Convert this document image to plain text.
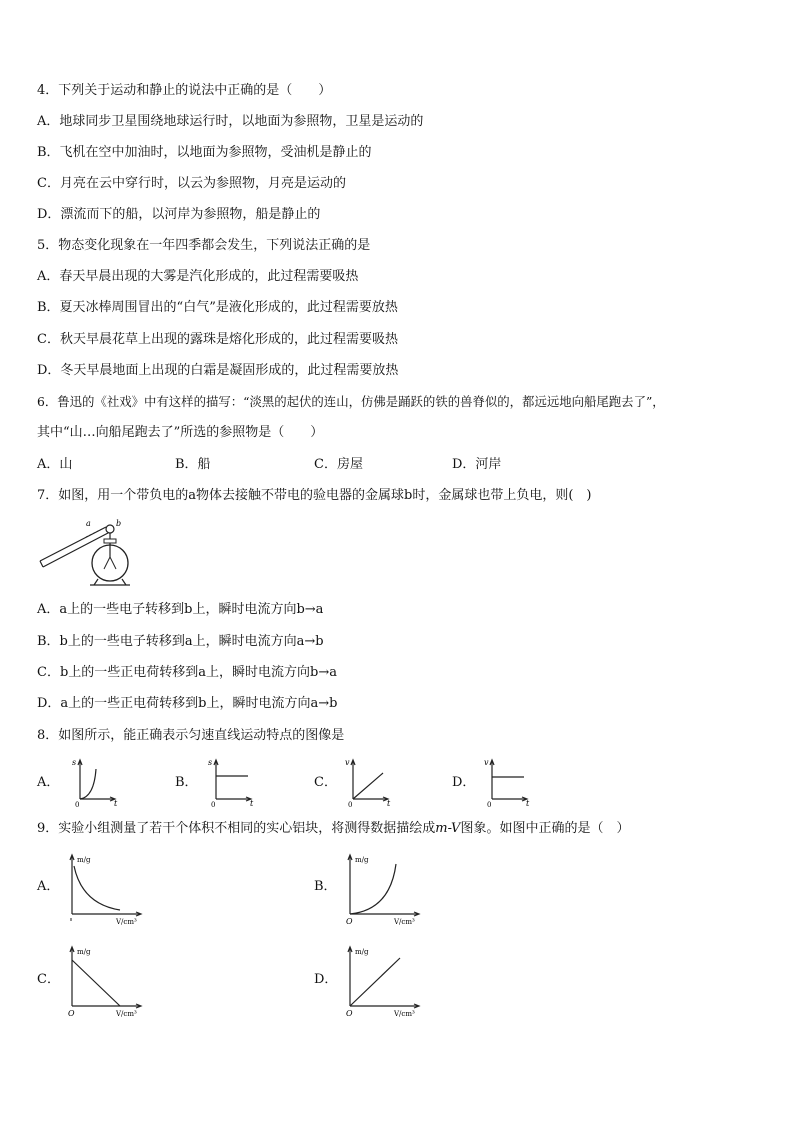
4．下列关于运动和静止的说法中正确的是（　　）
A．地球同步卫星围绕地球运行时，以地面为参照物，卫星是运动的
B．飞机在空中加油时，以地面为参照物，受油机是静止的
C．月亮在云中穿行时，以云为参照物，月亮是运动的
D．漂流而下的船，以河岸为参照物，船是静止的
5．物态变化现象在一年四季都会发生，下列说法正确的是
A．春天早晨出现的大雾是汽化形成的，此过程需要吸热
B．夏天冰棒周围冒出的“白气”是液化形成的，此过程需要放热
C．秋天早晨花草上出现的露珠是熔化形成的，此过程需要吸热
D．冬天早晨地面上出现的白霜是凝固形成的，此过程需要放热
6．鲁迅的《社戏》中有这样的描写：“淡黑的起伏的连山，仿佛是踊跃的铁的兽脊似的，都远远地向船尾跑去了”，
其中“山…向船尾跑去了”所选的参照物是（　　）
A．山	B．船	C．房屋	D．河岸
7．如图，用一个带负电的a物体去接触不带电的验电器的金属球b时，金属球也带上负电，则(　)
a	b
A．a上的一些电子转移到b上，瞬时电流方向b→a
B．b上的一些电子转移到a上，瞬时电流方向a→b
C．b上的一些正电荷转移到a上，瞬时电流方向b→a
D．a上的一些正电荷转移到b上，瞬时电流方向a→b
8．如图所示，能正确表示匀速直线运动特点的图像是
A．
s
t
0
B．
s
t
0
C．
v
t
0
D．
v
t
0
9．实验小组测量了若干个体积不相同的实心铝块，将测得数据描绘成m-V图象。如图中正确的是（　）
A．
m/g
V/cm³
B．
m/g
V/cm³
O
C．
m/g
V/cm³
O
D．
m/g
V/cm³
O
